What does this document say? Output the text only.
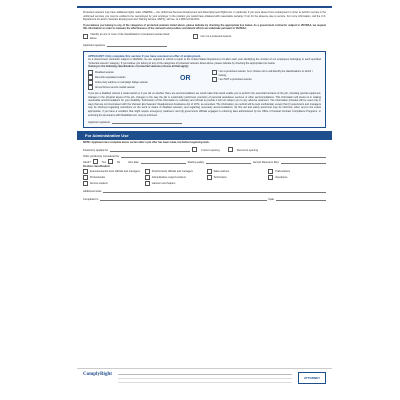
Protected veterans may have additional rights under USERRA — the Uniformed Services Employment and Reemployment Rights Act. In particular, if you were absent from employment in order to perform service in the uniformed services you may be entitled to be reemployed by your employer in the position you would have obtained with reasonable certainty if not for the absence due to service. For more information, call the U.S. Department of Labor's Veterans Employment and Training Service (VETS), toll free, at 1-866-4-USA-DOL.
If you believe you belong to any of the categories of protected veterans listed above, please indicate by checking the appropriate box below. As a government contractor subject to VEVRAA, we request this information in order to measure the effectiveness of the outreach and positive recruitment efforts we undertake pursuant to VEVRAA.
I identify as one or more of the classifications of protected veteran listed above
I am not a protected veteran
Applicant signature
APPLICANT: Only complete this section if you have received an offer of employment.
As a Government contractor subject to VEVRAA, we are required to submit a report to the United States Department of Labor each year identifying the number of our employees belonging to each specified "protected veteran" category. If you believe you belong to any of the categories of protected veterans listed above, please indicate by checking the appropriate box below.
I belong to the following classifications of protected veterans (choose all that apply):
Disabled veteran
Recently separated veteran
Active duty wartime or campaign badge veteran
Armed forces service medal veteran
I am a protected veteran, but I choose not to self-identify the classifications to which I belong.
I am NOT a protected veteran.
OR
If you are a disabled veteran it would assist us if you tell us whether there are accommodations we could make that would enable you to perform the essential functions of the job, including special equipment, changes in the physical layout of the job, changes in the way the job is customarily performed, provision of personal assistance services or other accommodations. This information will assist us in making reasonable accommodations for your disability. Submission of this information is voluntary and refusal to provide it will not subject you to any adverse treatment. The information provided will be used only in ways that are not inconsistent with the Vietnam Era Veterans' Readjustment Assistance Act of 1974, as amended. The information you submit will be kept confidential, except that (i) supervisors and managers may be informed regarding restrictions on the work or duties of disabled veterans, and regarding necessary accommodations; (ii) first aid and safety personnel may be informed, when and to the extent appropriate, if you have a condition that might require emergency treatment; and (iii) government officials engaged in enforcing laws administered by the Office of Federal Contract Compliance Programs, or enforcing the Americans with Disabilities Act, may be informed.
Applicant signature
For Administrative Use
NOTE: Applicant must complete above section after a job offer has been made, but before beginning work.
Position(s) applied for	Current opening	Recurrent opening
Other position(s) considered for
Hired?	Yes	No	Hire date	Starting salary	Human Resource Rep.
Position classification:
Executive/senior level officials and managers	First/mid level officials and managers	Sales workers	Craft workers
Professionals	Administrative support workers	Technicians	Operatives
Service workers	Laborers and helpers
Additional notes
Completed in	Date
ComplyRight
ATTORNEY
